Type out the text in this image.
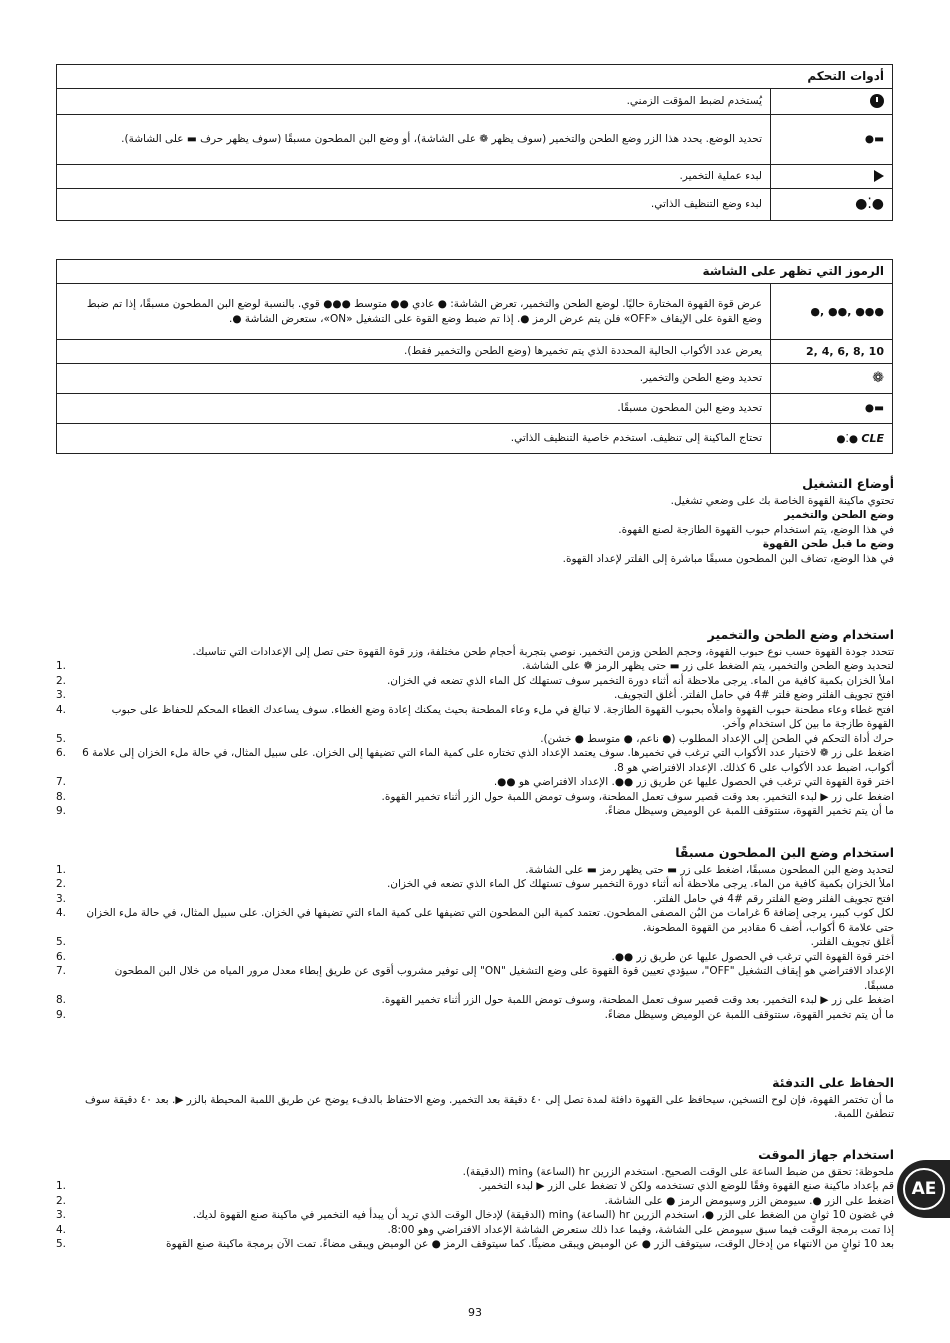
أدوات التحكم	
	يُستخدم لضبط المؤقت الزمني.
▬●	تحديد الوضع. يحدد هذا الزر وضع الطحن والتخمير (سوف يظهر ❁ على الشاشة)، أو وضع البن المطحون مسبقًا (سوف يظهر حرف ▬ على الشاشة).
	لبدء عملية التخمير.
●⁚●	لبدء وضع التنظيف الذاتي.
الرموز التي تظهر على الشاشة	
●, ●●, ●●●	عرض قوة القهوة المختارة حاليًا. لوضع الطحن والتخمير، تعرض الشاشة: ● عادي ●● متوسط ●●● قوي. بالنسبة لوضع البن المطحون مسبقًا، إذا تم ضبط وضع القوة على الإيقاف «OFF» فلن يتم عرض الرمز ●. إذا تم ضبط وضع القوة على التشغيل «ON»، ستعرض الشاشة ●.
2, 4, 6, 8, 10	يعرض عدد الأكواب الحالية المحددة الذي يتم تخميرها (وضع الطحن والتخمير فقط).
❁	تحديد وضع الطحن والتخمير.
▬●	تحديد وضع البن المطحون مسبقًا.
CLE ●⁚●	تحتاج الماكينة إلى تنظيف. استخدم خاصية التنظيف الذاتي.
أوضاع التشغيل

تحتوي ماكينة القهوة الخاصة بك على وضعي تشغيل.

وضع الطحن والتخمير

في هذا الوضع، يتم استخدام حبوب القهوة الطازجة لصنع القهوة.

وضع ما قبل طحن القهوة

في هذا الوضع، تضاف البن المطحون مسبقًا مباشرة إلى الفلتر لإعداد القهوة.

استخدام وضع الطحن والتخمير

تتحدد جودة القهوة حسب نوع حبوب القهوة، وحجم الطحن وزمن التخمير. نوصي بتجربة أحجام طحن مختلفة، وزر قوة القهوة حتى تصل إلى الإعدادات التي تناسبك.

1.	لتحديد وضع الطحن والتخمير، يتم الضغط على زر ▬ حتى يظهر الرمز ❁ على الشاشة.
2.	املأ الخزان بكمية كافية من الماء. يرجى ملاحظة أنه أثناء دورة التخمير سوف تستهلك كل الماء الذي تضعه في الخزان.
3.	افتح تجويف الفلتر وضع فلتر #4 في حامل الفلتر. أغلق التجويف.
4.	افتح غطاء وعاء مطحنة حبوب القهوة واملأه بحبوب القهوة الطازجة. لا تبالغ في ملء وعاء المطحنة بحيث يمكنك إعادة وضع الغطاء. سوف يساعدك الغطاء المحكم للحفاظ على حبوب القهوة طازجة ما بين كل استخدام وآخر.
5.	حرك أداة التحكم في الطحن إلى الإعداد المطلوب (● ناعم، ● متوسط ● خشن).
6.	اضغط على زر ❁ لاختيار عدد الأكواب التي ترغب في تخميرها. سوف يعتمد الإعداد الذي تختاره على كمية الماء التي تضيفها إلى الخزان. على سبيل المثال، في حالة ملء الخزان إلى علامة 6 أكواب، اضبط عدد الأكواب على 6 كذلك. الإعداد الافتراضي هو 8.
7.	اختر قوة القهوة التي ترغب في الحصول عليها عن طريق زر ●●. الإعداد الافتراضي هو ●●.
8.	اضغط على زر ▶ لبدء التخمير. بعد وقت قصير سوف تعمل المطحنة، وسوف تومض اللمبة حول الزر أثناء تخمير القهوة.
9.	ما أن يتم تخمير القهوة، ستتوقف اللمبة عن الوميض وسيظل مضاءً.
استخدام وضع البن المطحون مسبقًا
1.	لتحديد وضع البن المطحون مسبقًا، اضغط على زر ▬ حتى يظهر رمز ▬ على الشاشة.
2.	املأ الخزان بكمية كافية من الماء. يرجى ملاحظة أنه أثناء دورة التخمير سوف تستهلك كل الماء الذي تضعه في الخزان.
3.	افتح تجويف الفلتر وضع الفلتر رقم #4 في حامل الفلتر.
4.	لكل كوب كبير، يرجى إضافة 6 غرامات من البُن المصفى المطحون. تعتمد كمية البن المطحون التي تضيفها على كمية الماء التي تضيفها في الخزان. على سبيل المثال، في حالة ملء الخزان حتى علامة 6 أكواب، أضف 6 مقادير من القهوة المطحونة.
5.	أغلق تجويف الفلتر.
6.	اختر قوة القهوة التي ترغب في الحصول عليها عن طريق زر ●●.
7.	الإعداد الافتراضي هو إيقاف التشغيل "OFF"، سيؤدي تعيين قوة القهوة على وضع التشغيل "ON" إلى توفير مشروب أقوى عن طريق إبطاء معدل مرور المياه من خلال البن المطحون مسبقًا.
8.	اضغط على زر ▶ لبدء التخمير. بعد وقت قصير سوف تعمل المطحنة، وسوف تومض اللمبة حول الزر أثناء تخمير القهوة.
9.	ما أن يتم تخمير القهوة، ستتوقف اللمبة عن الوميض وسيظل مضاءً.
الحفاظ على التدفئة

ما أن تختمر القهوة، فإن لوح التسخين، سيحافظ على القهوة دافئة لمدة تصل إلى ٤٠ دقيقة بعد التخمير. وضع الاحتفاظ بالدفء يوضح عن طريق اللمبة المحيطة بالزر ▶. بعد ٤٠ دقيقة سوف تنطفئ اللمبة.

استخدام جهاز الموقت

ملحوظة: تحقق من ضبط الساعة على الوقت الصحيح. استخدم الزرين hr (الساعة) وmin (الدقيقة).

1.	قم بإعداد ماكينة صنع القهوة وفقًا للوضع الذي تستخدمه ولكن لا تضغط على الزر ▶ لبدء التخمير.
2.	اضغط على الزر ●. سيومض الزر وسيومض الرمز ● على الشاشة.
3.	في غضون 10 ثوانٍ من الضغط على الزر ●، استخدم الزرين hr (الساعة) وmin (الدقيقة) لإدخال الوقت الذي تريد أن يبدأ فيه التخمير في ماكينة صنع القهوة لديك.
4.	إذا تمت برمجة الوقت فيما سبق سيومض على الشاشة، وفيما عدا ذلك ستعرض الشاشة الإعداد الافتراضي وهو 8:00.
5.	بعد 10 ثوانٍ من الانتهاء من إدخال الوقت، سيتوقف الزر ● عن الوميض ويبقى مضيئًا. كما سيتوقف الرمز ● عن الوميض ويبقى مضاءً. تمت الآن برمجة ماكينة صنع القهوة
93
AE
